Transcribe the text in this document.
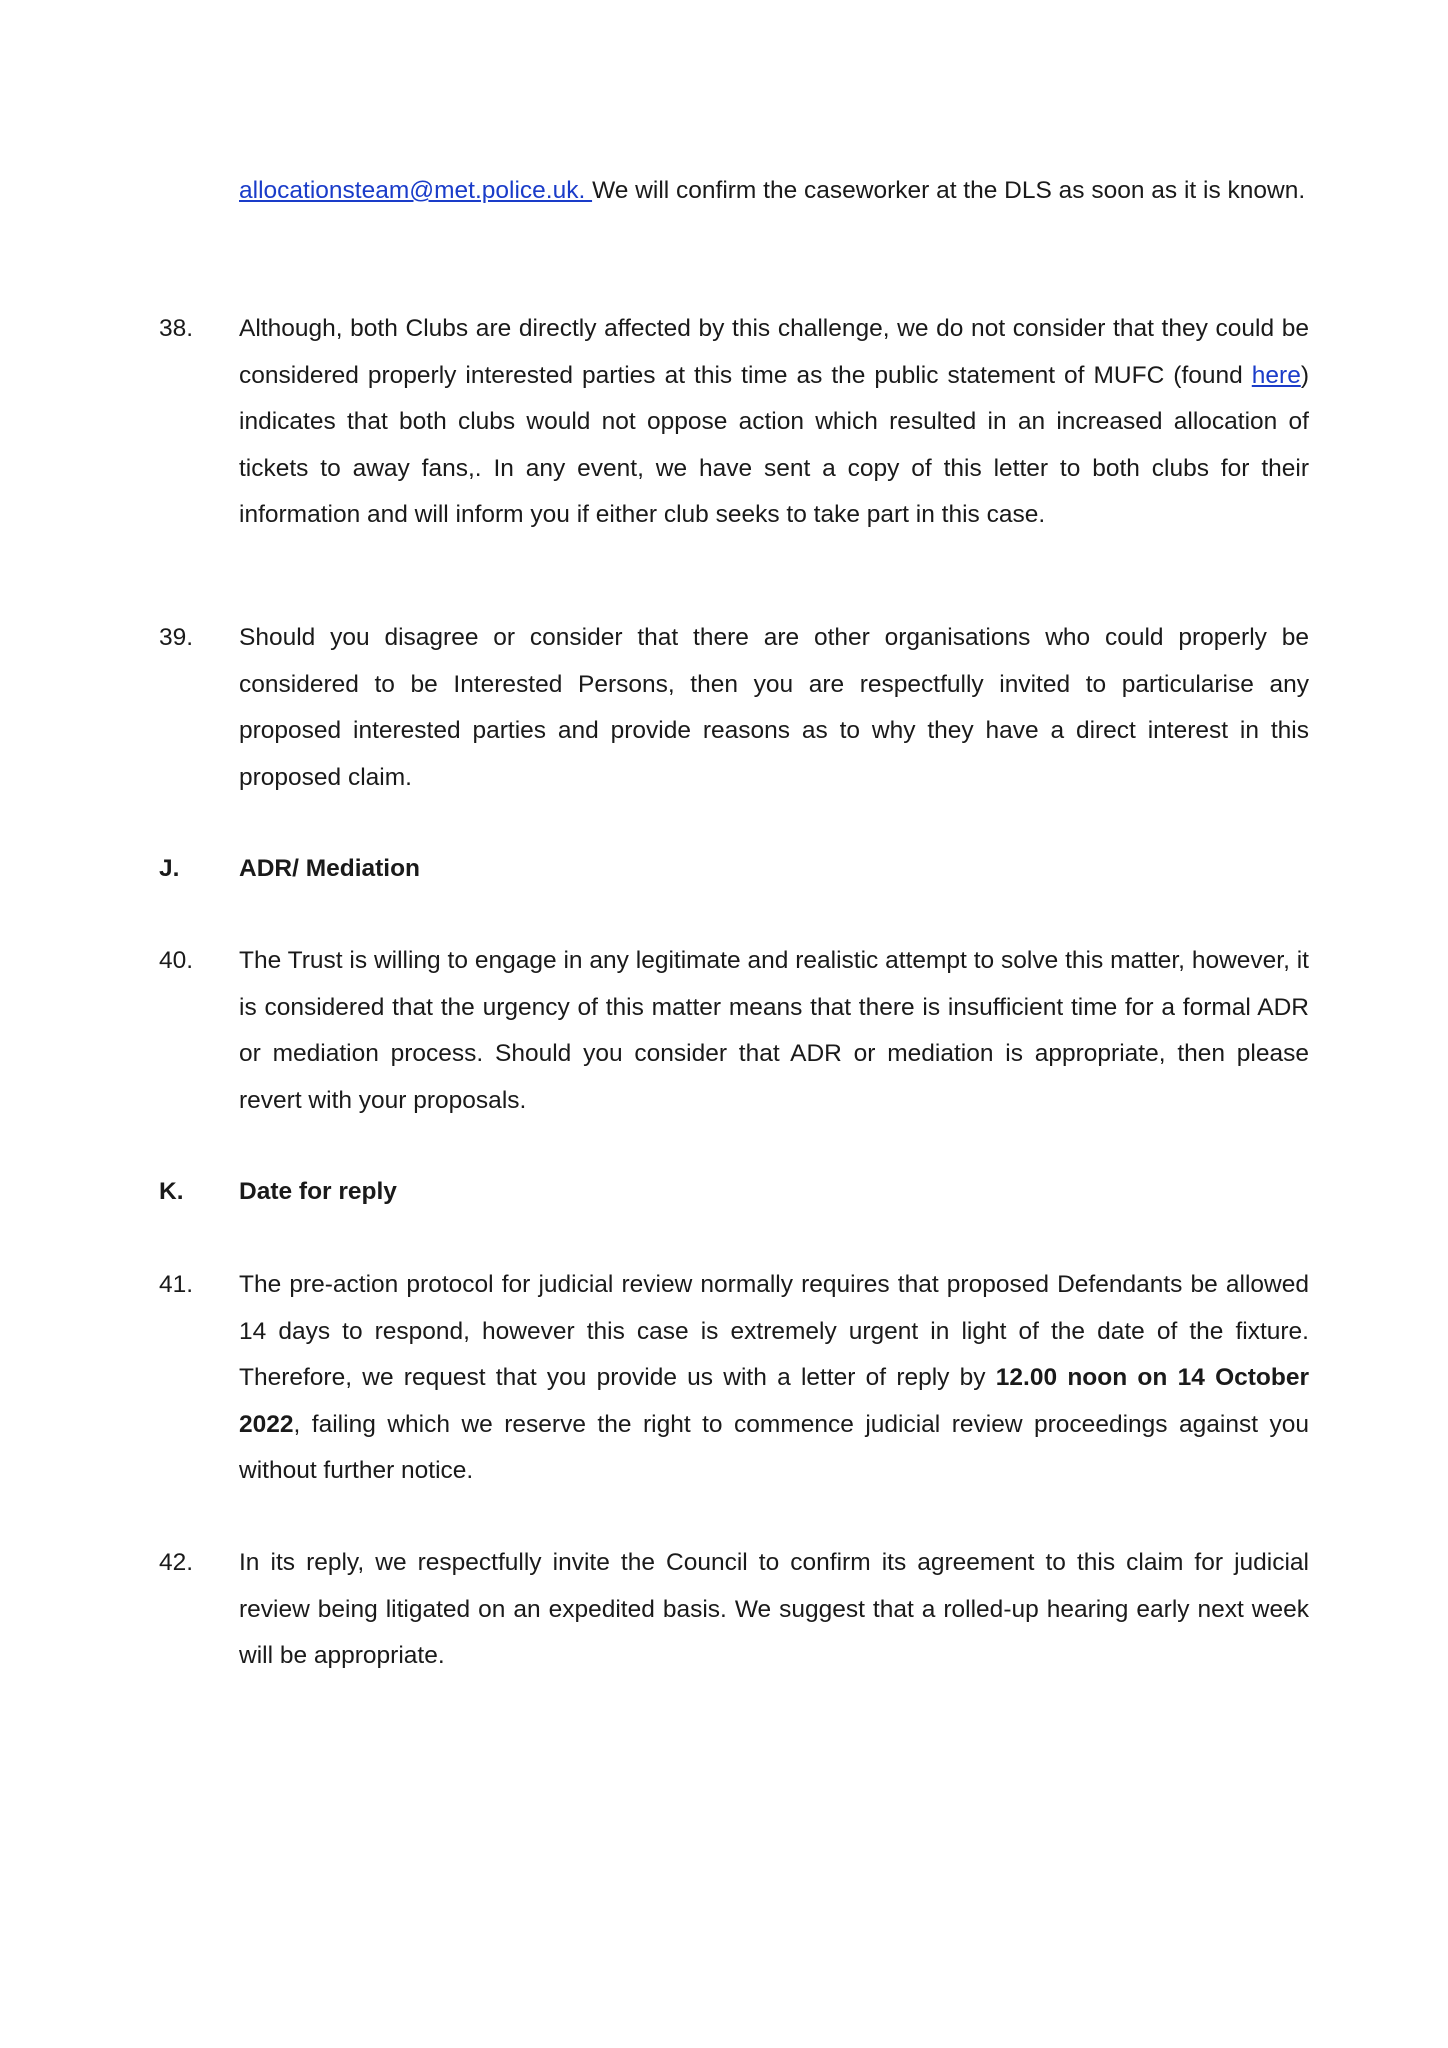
allocationsteam@met.police.uk. We will confirm the caseworker at the DLS as soon as it is known.
38.	Although, both Clubs are directly affected by this challenge, we do not consider that they could be considered properly interested parties at this time as the public statement of MUFC (found here) indicates that both clubs would not oppose action which resulted in an increased allocation of tickets to away fans,. In any event, we have sent a copy of this letter to both clubs for their information and will inform you if either club seeks to take part in this case.
39.	Should you disagree or consider that there are other organisations who could properly be considered to be Interested Persons, then you are respectfully invited to particularise any proposed interested parties and provide reasons as to why they have a direct interest in this proposed claim.
J.	ADR/ Mediation
40.	The Trust is willing to engage in any legitimate and realistic attempt to solve this matter, however, it is considered that the urgency of this matter means that there is insufficient time for a formal ADR or mediation process. Should you consider that ADR or mediation is appropriate, then please revert with your proposals.
K.	Date for reply
41.	The pre-action protocol for judicial review normally requires that proposed Defendants be allowed 14 days to respond, however this case is extremely urgent in light of the date of the fixture. Therefore, we request that you provide us with a letter of reply by 12.00 noon on 14 October 2022, failing which we reserve the right to commence judicial review proceedings against you without further notice.
42.	In its reply, we respectfully invite the Council to confirm its agreement to this claim for judicial review being litigated on an expedited basis. We suggest that a rolled-up hearing early next week will be appropriate.
